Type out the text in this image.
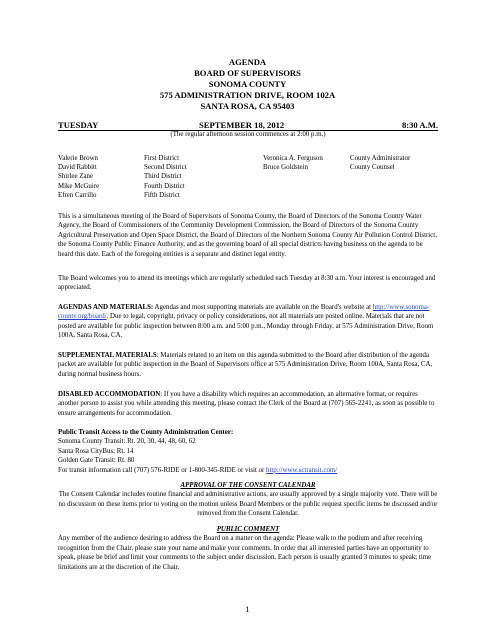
AGENDA
BOARD OF SUPERVISORS
SONOMA COUNTY
575 ADMINISTRATION DRIVE, ROOM 102A
SANTA ROSA, CA 95403
TUESDAY	SEPTEMBER 18, 2012	8:30 A.M.
(The regular afternoon session commences at 2:00 p.m.)
Valerie Brown
David Rabbitt
Shirlee Zane
Mike McGuire
Efren Carrillo
First District
Second District
Third District
Fourth District
Fifth District
Veronica A. Ferguson
Bruce Goldstein
County Administrator
County Counsel
This is a simultaneous meeting of the Board of Supervisors of Sonoma County, the Board of Directors of the Sonoma County Water Agency, the Board of Commissioners of the Community Development Commission, the Board of Directors of the Sonoma County Agricultural Preservation and Open Space District, the Board of Directors of the Northern Sonoma County Air Pollution Control District, the Sonoma County Public Finance Authority, and as the governing board of all special districts having business on the agenda to be heard this date. Each of the foregoing entities is a separate and distinct legal entity.
The Board welcomes you to attend its meetings which are regularly scheduled each Tuesday at 8:30 a.m. Your interest is encouraged and appreciated.
AGENDAS AND MATERIALS: Agendas and most supporting materials are available on the Board's website at http://www.sonoma-county.org/board/. Due to legal, copyright, privacy or policy considerations, not all materials are posted online. Materials that are not posted are available for public inspection between 8:00 a.m. and 5:00 p.m., Monday through Friday, at 575 Administration Drive, Room 100A, Santa Rosa, CA.
SUPPLEMENTAL MATERIALS: Materials related to an item on this agenda submitted to the Board after distribution of the agenda packet are available for public inspection in the Board of Supervisors office at 575 Administration Drive, Room 100A, Santa Rosa, CA, during normal business hours.
DISABLED ACCOMMODATION: If you have a disability which requires an accommodation, an alternative format, or requires another person to assist you while attending this meeting, please contact the Clerk of the Board at (707) 565-2241, as soon as possible to ensure arrangements for accommodation.
Public Transit Access to the County Administration Center:
Sonoma County Transit: Rt. 20, 30, 44, 48, 60, 62
Santa Rosa CityBus: Rt. 14
Golden Gate Transit: Rt. 80
For transit information call (707) 576-RIDE or 1-800-345-RIDE or visit or http://www.sctransit.com/
APPROVAL OF THE CONSENT CALENDAR
The Consent Calendar includes routine financial and administrative actions, are usually approved by a single majority vote. There will be no discussion on these items prior to voting on the motion unless Board Members or the public request specific items be discussed and/or removed from the Consent Calendar.
PUBLIC COMMENT
Any member of the audience desiring to address the Board on a matter on the agenda: Please walk to the podium and after receiving recognition from the Chair, please state your name and make your comments. In order that all interested parties have an opportunity to speak, please be brief and limit your comments to the subject under discussion. Each person is usually granted 3 minutes to speak; time limitations are at the discretion of the Chair.
1
